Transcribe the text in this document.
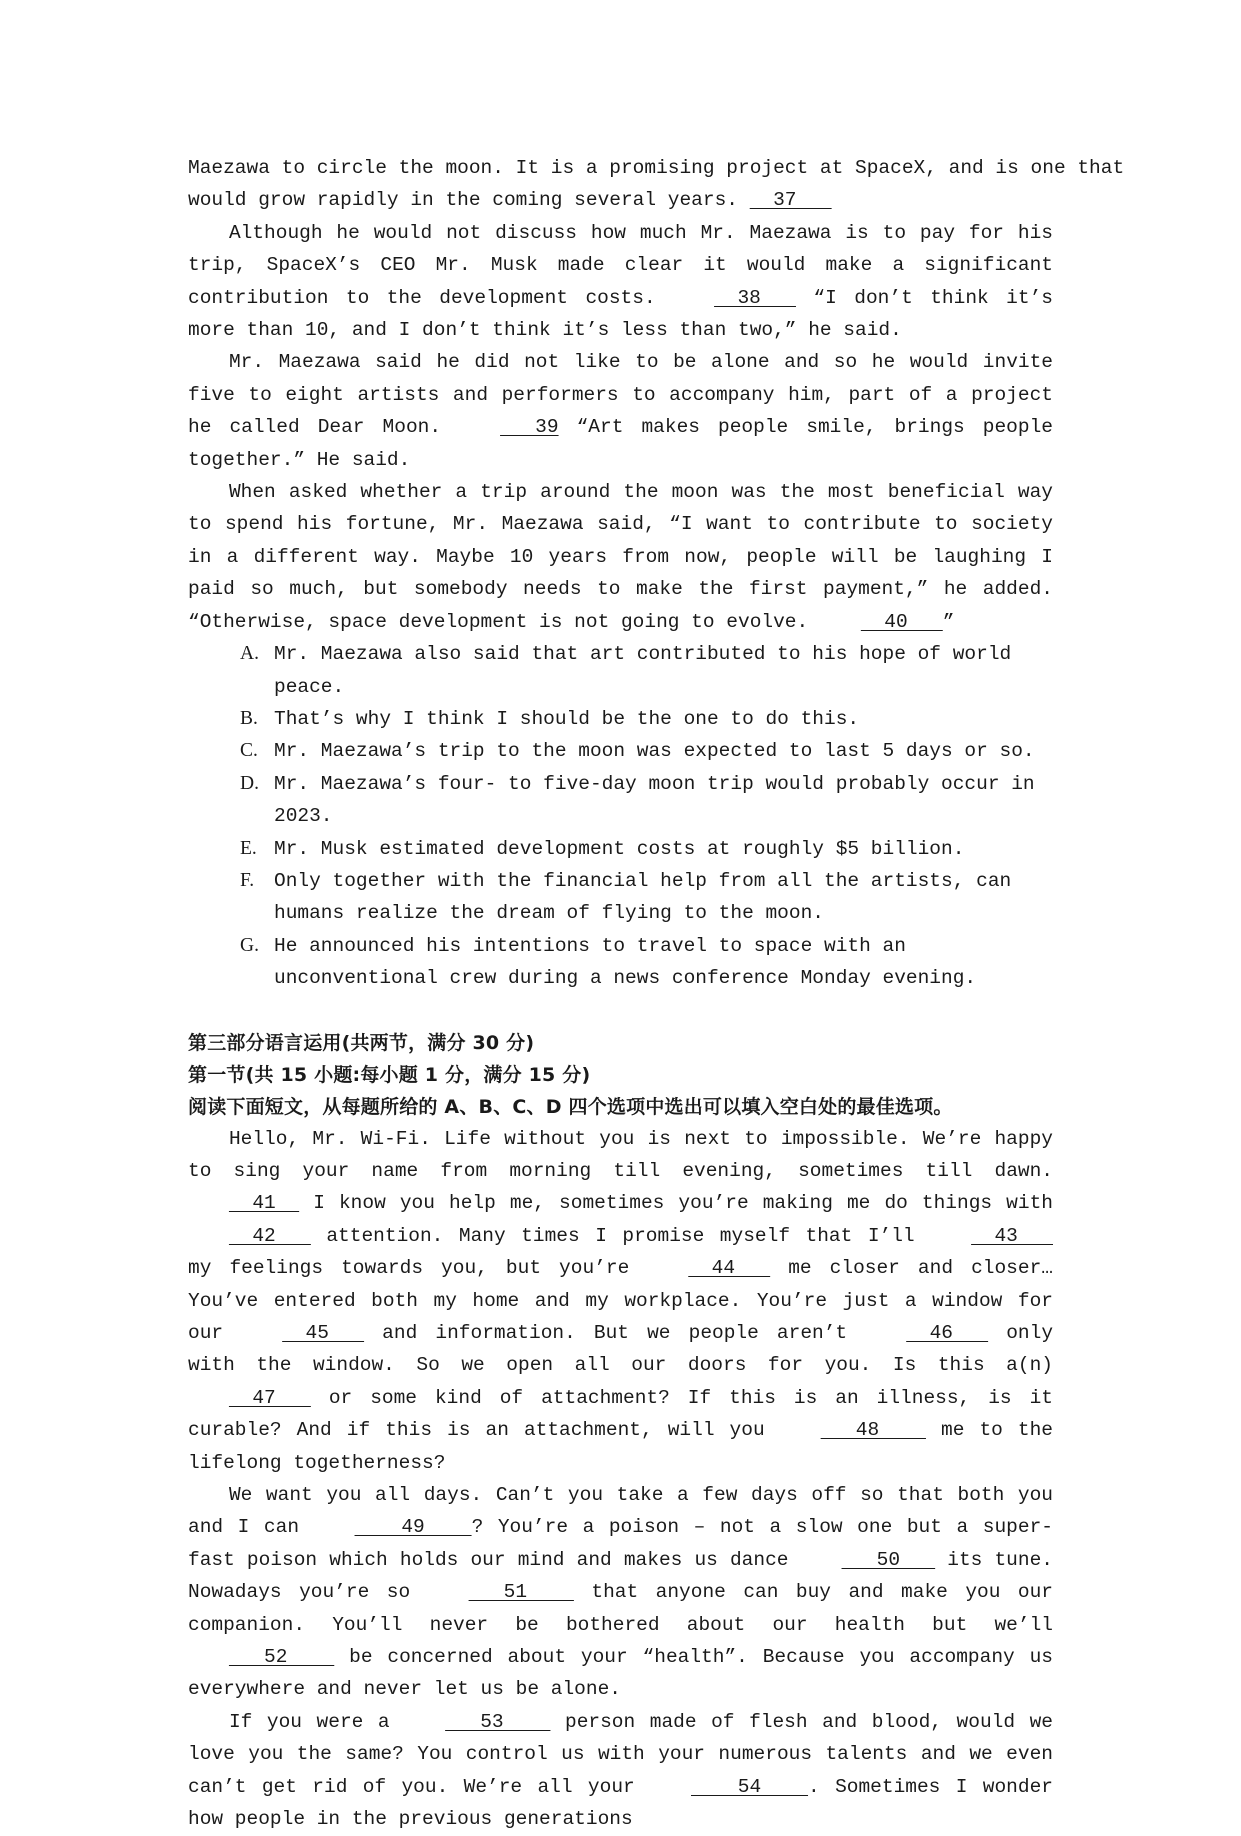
Maezawa to circle the moon. It is a promising project at SpaceX, and is one that
would grow rapidly in the coming several years.   37

Although he would not discuss how much Mr. Maezawa is to pay for his trip, SpaceX’s CEO Mr. Musk made clear it would make a significant contribution to the development costs.   38    “I don’t think it’s more than 10, and I don’t think it’s less than two,” he said.

Mr. Maezawa said he did not like to be alone and so he would invite five to eight artists and performers to accompany him, part of a project he called Dear Moon.    39 “Art makes people smile, brings people together.” He said.

When asked whether a trip around the moon was the most beneficial way to spend his fortune, Mr. Maezawa said, “I want to contribute to society in a different way. Maybe 10 years from now, people will be laughing I paid so much, but somebody needs to make the first payment,” he added. “Otherwise, space development is not going to evolve.   40   ”

A. Mr. Maezawa also said that art contributed to his hope of world peace.

B. That’s why I think I should be the one to do this.

C. Mr. Maezawa’s trip to the moon was expected to last 5 days or so.

D. Mr. Maezawa’s four- to five-day moon trip would probably occur in 2023.

E. Mr. Musk estimated development costs at roughly $5 billion.

F. Only together with the financial help from all the artists, can humans realize the dream of flying to the moon.

G. He announced his intentions to travel to space with an unconventional crew during a news conference Monday evening.

第三部分语言运用(共两节，满分 30 分)

第一节(共 15 小题:每小题 1 分，满分 15 分)

阅读下面短文，从每题所给的 A、B、C、D 四个选项中选出可以填入空白处的最佳选项。

Hello, Mr. Wi-Fi. Life without you is next to impossible. We’re happy to sing your name from morning till evening, sometimes till dawn.   41   I know you help me, sometimes you’re making me do things with   42    attention. Many times I promise myself that I’ll   43    my feelings towards you, but you’re   44    me closer and closer… You’ve entered both my home and my workplace. You’re just a window for our   45    and information. But we people aren’t   46    only with the window. So we open all our doors for you. Is this a(n)   47    or some kind of attachment? If this is an illness, is it curable? And if this is an attachment, will you    48     me to the lifelong togetherness?

We want you all days. Can’t you take a few days off so that both you and I can     49    ? You’re a poison – not a slow one but a super-fast poison which holds our mind and makes us dance    50    its tune. Nowadays you’re so    51     that anyone can buy and make you our companion. You’ll never be bothered about our health but we’ll    52     be concerned about your “health”. Because you accompany us everywhere and never let us be alone.

If you were a    53     person made of flesh and blood, would we love you the same? You control us with your numerous talents and we even can’t get rid of you. We’re all your     54    . Sometimes I wonder how people in the previous generations
